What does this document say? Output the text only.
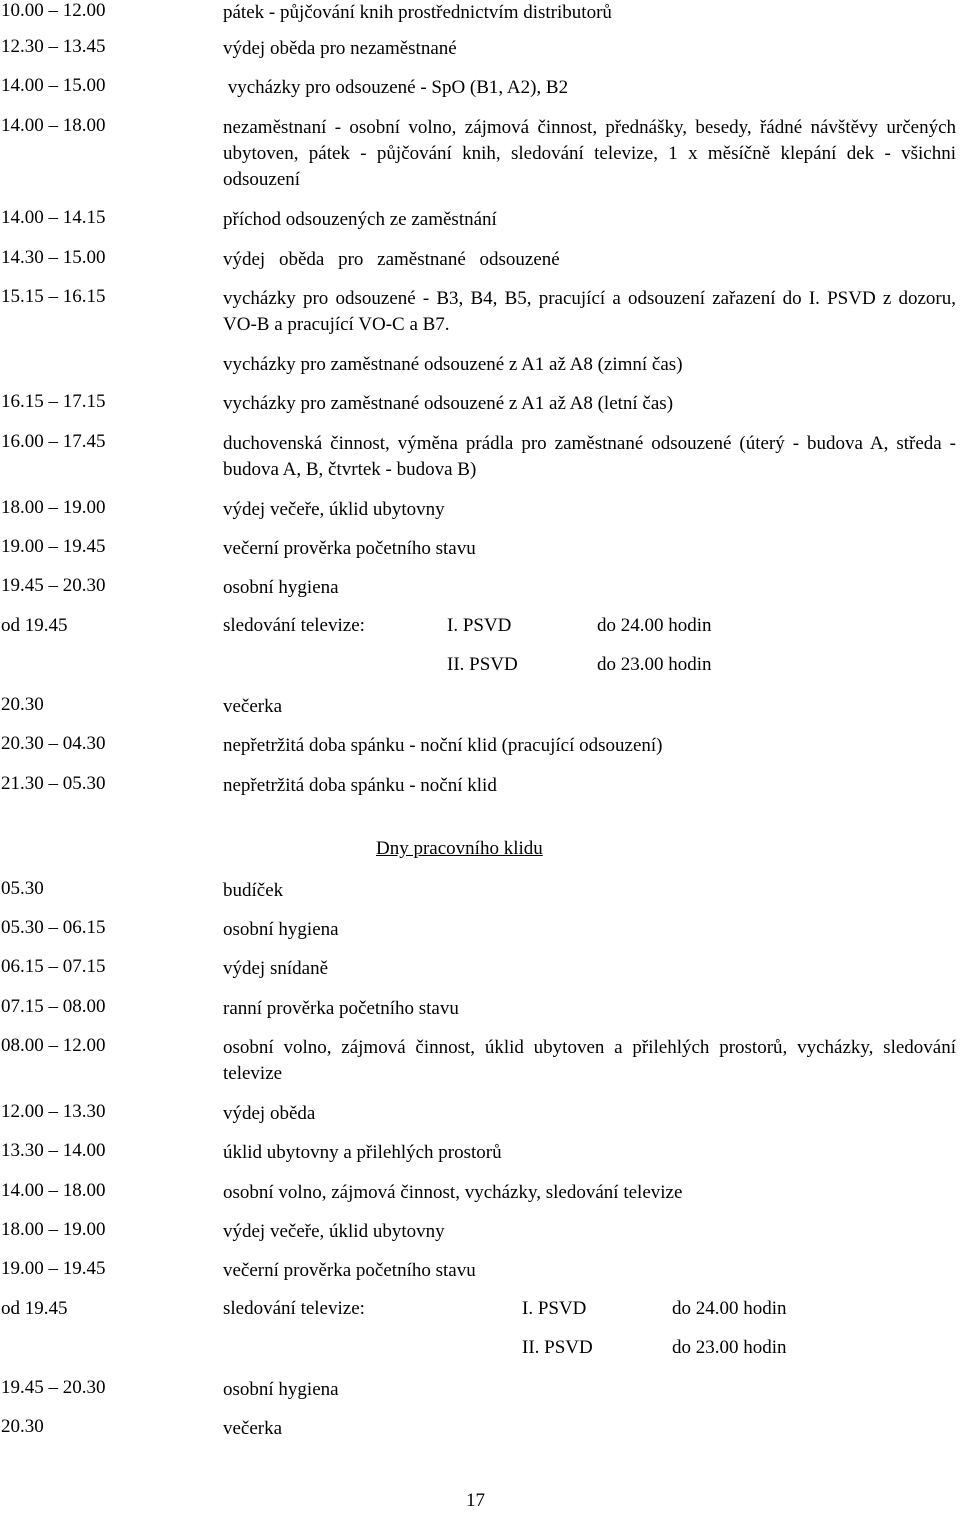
10.00 – 12.00	pátek - půjčování knih prostřednictvím distributorů
12.30 – 13.45	výdej oběda pro nezaměstnané
14.00 – 15.00	vycházky pro odsouzené - SpO (B1, A2), B2
14.00 – 18.00	nezaměstnaní - osobní volno, zájmová činnost, přednášky, besedy, řádné návštěvy určených ubytoven, pátek - půjčování knih, sledování televize, 1 x měsíčně klepání dek - všichni odsouzení
14.00 – 14.15	příchod odsouzených ze zaměstnání
14.30 – 15.00	výdej oběda pro zaměstnané odsouzené
15.15 – 16.15	vycházky pro odsouzené - B3, B4, B5, pracující a odsouzení zařazení do I. PSVD z dozoru, VO-B a pracující VO-C a B7.
vycházky pro zaměstnané odsouzené z A1 až A8 (zimní čas)
16.15 – 17.15	vycházky pro zaměstnané odsouzené z A1 až A8 (letní čas)
16.00 – 17.45	duchovenská činnost, výměna prádla pro zaměstnané odsouzené (úterý - budova A, středa - budova A, B, čtvrtek - budova B)
18.00 – 19.00	výdej večeře, úklid ubytovny
19.00 – 19.45	večerní prověrka početního stavu
19.45 – 20.30	osobní hygiena
od 19.45	sledování televize:	I. PSVD	do 24.00 hodin
II. PSVD	do 23.00 hodin
20.30	večerka
20.30 – 04.30	nepřetržitá doba spánku - noční klid (pracující odsouzení)
21.30 – 05.30	nepřetržitá doba spánku - noční klid
Dny pracovního klidu
05.30	budíček
05.30 – 06.15	osobní hygiena
06.15 – 07.15	výdej snídaně
07.15 – 08.00	ranní prověrka početního stavu
08.00 – 12.00	osobní volno, zájmová činnost, úklid ubytoven a přilehlých prostorů, vycházky, sledování televize
12.00 – 13.30	výdej oběda
13.30 – 14.00	úklid ubytovny a přilehlých prostorů
14.00 – 18.00	osobní volno, zájmová činnost, vycházky, sledování televize
18.00 – 19.00	výdej večeře, úklid ubytovny
19.00 – 19.45	večerní prověrka početního stavu
od 19.45	sledování televize:	I. PSVD	do 24.00 hodin
II. PSVD	do 23.00 hodin
19.45 – 20.30	osobní hygiena
20.30	večerka
17
